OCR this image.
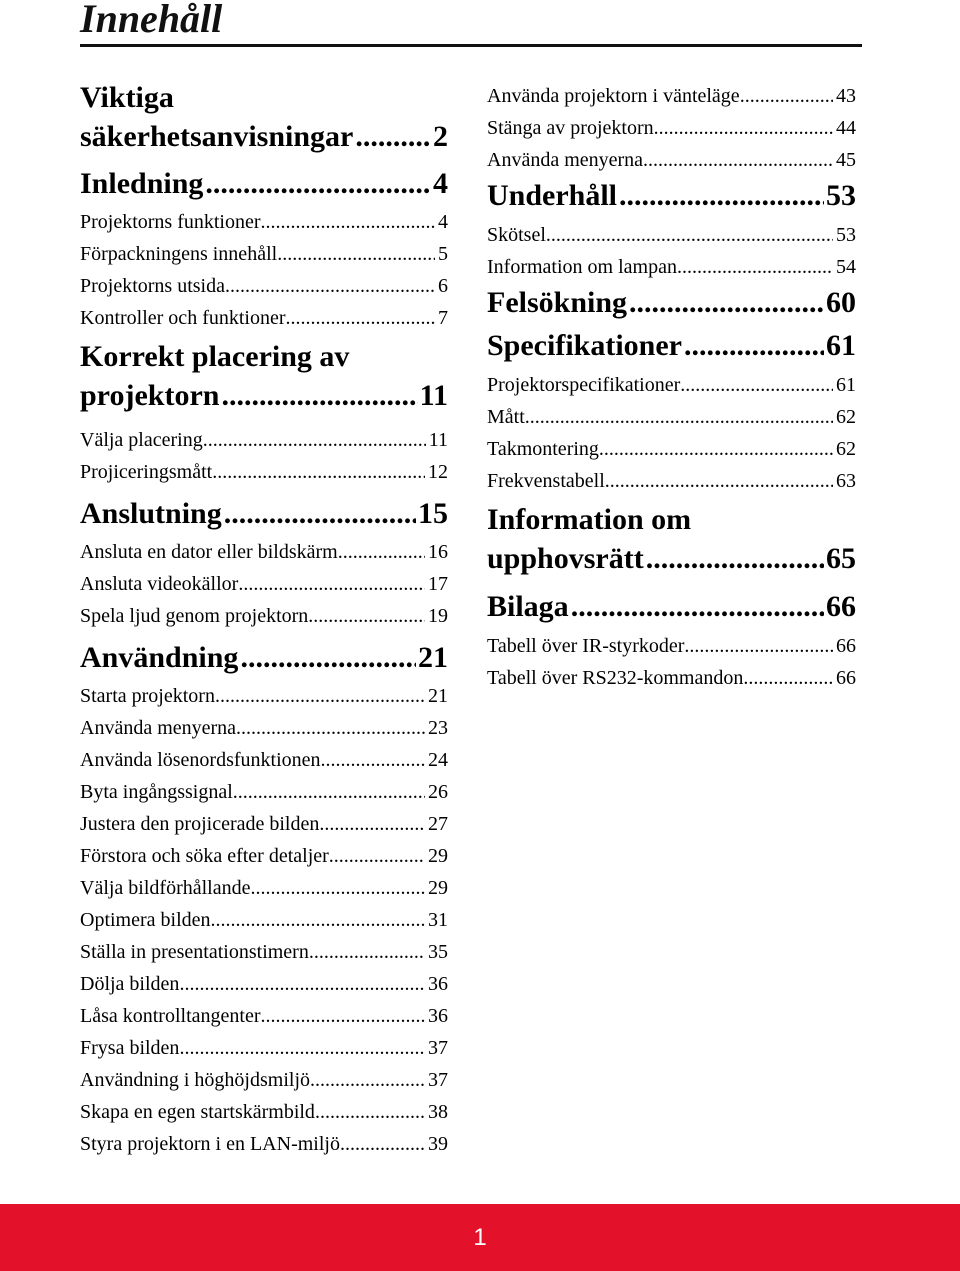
Innehåll
Viktiga
säkerhetsanvisningar .....	2
Inledning .....	4
Projektorns funktioner .....	4
Förpackningens innehåll .....	5
Projektorns utsida .....	6
Kontroller och funktioner .....	7
Korrekt placering av
projektorn .....	11
Välja placering .....	11
Projiceringsmått .....	12
Anslutning .....	15
Ansluta en dator eller bildskärm .....	16
Ansluta videokällor .....	17
Spela ljud genom projektorn .....	19
Användning .....	21
Starta projektorn .....	21
Använda menyerna .....	23
Använda lösenordsfunktionen .....	24
Byta ingångssignal .....	26
Justera den projicerade bilden .....	27
Förstora och söka efter detaljer .....	29
Välja bildförhållande .....	29
Optimera bilden .....	31
Ställa in presentationstimern .....	35
Dölja bilden .....	36
Låsa kontrolltangenter .....	36
Frysa bilden .....	37
Användning i höghöjdsmiljö .....	37
Skapa en egen startskärmbild .....	38
Styra projektorn i en LAN-miljö .....	39
Använda projektorn i vänteläge .....	43
Stänga av projektorn .....	44
Använda menyerna .....	45
Underhåll .....	53
Skötsel .....	53
Information om lampan .....	54
Felsökning .....	60
Specifikationer .....	61
Projektorspecifikationer .....	61
Mått .....	62
Takmontering .....	62
Frekvenstabell .....	63
Information om
upphovsrätt .....	65
Bilaga .....	66
Tabell över IR-styrkoder .....	66
Tabell över RS232-kommandon .....	66
1
